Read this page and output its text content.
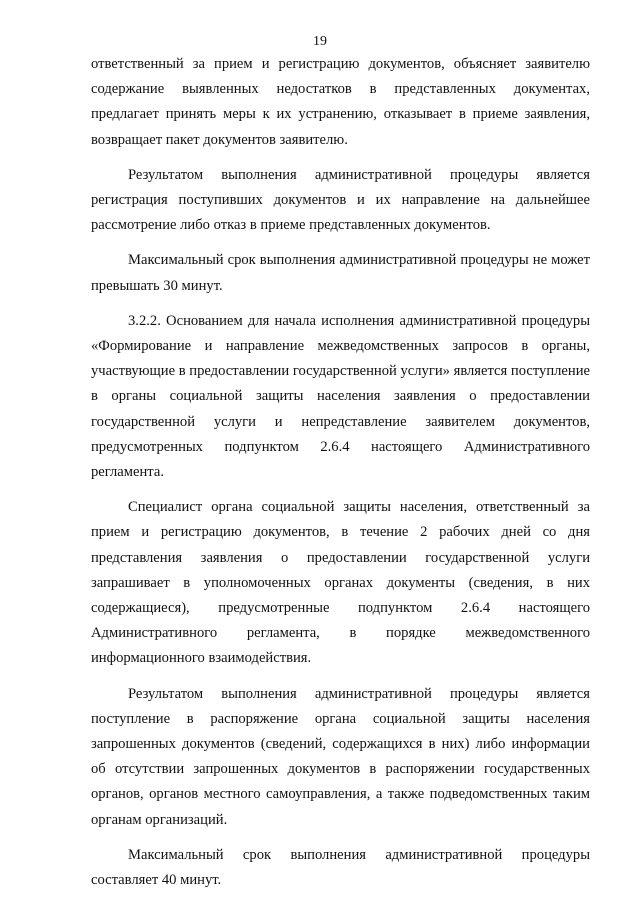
19

ответственный за прием и регистрацию документов, объясняет заявителю содержание выявленных недостатков в представленных документах, предлагает принять меры к их устранению, отказывает в приеме заявления, возвращает пакет документов заявителю.

Результатом выполнения административной процедуры является регистрация поступивших документов и их направление на дальнейшее рассмотрение либо отказ в приеме представленных документов.

Максимальный срок выполнения административной процедуры не может превышать 30 минут.

3.2.2. Основанием для начала исполнения административной процедуры «Формирование и направление межведомственных запросов в органы, участвующие в предоставлении государственной услуги» является поступление в органы социальной защиты населения заявления о предоставлении государственной услуги и непредставление заявителем документов, предусмотренных подпунктом 2.6.4 настоящего Административного регламента.

Специалист органа социальной защиты населения, ответственный за прием и регистрацию документов, в течение 2 рабочих дней со дня представления заявления о предоставлении государственной услуги запрашивает в уполномоченных органах документы (сведения, в них содержащиеся), предусмотренные подпунктом 2.6.4 настоящего Административного регламента, в порядке межведомственного информационного взаимодействия.

Результатом выполнения административной процедуры является поступление в распоряжение органа социальной защиты населения запрошенных документов (сведений, содержащихся в них) либо информации об отсутствии запрошенных документов в распоряжении государственных органов, органов местного самоуправления, а также подведомственных таким органам организаций.

Максимальный срок выполнения административной процедуры составляет 40 минут.
